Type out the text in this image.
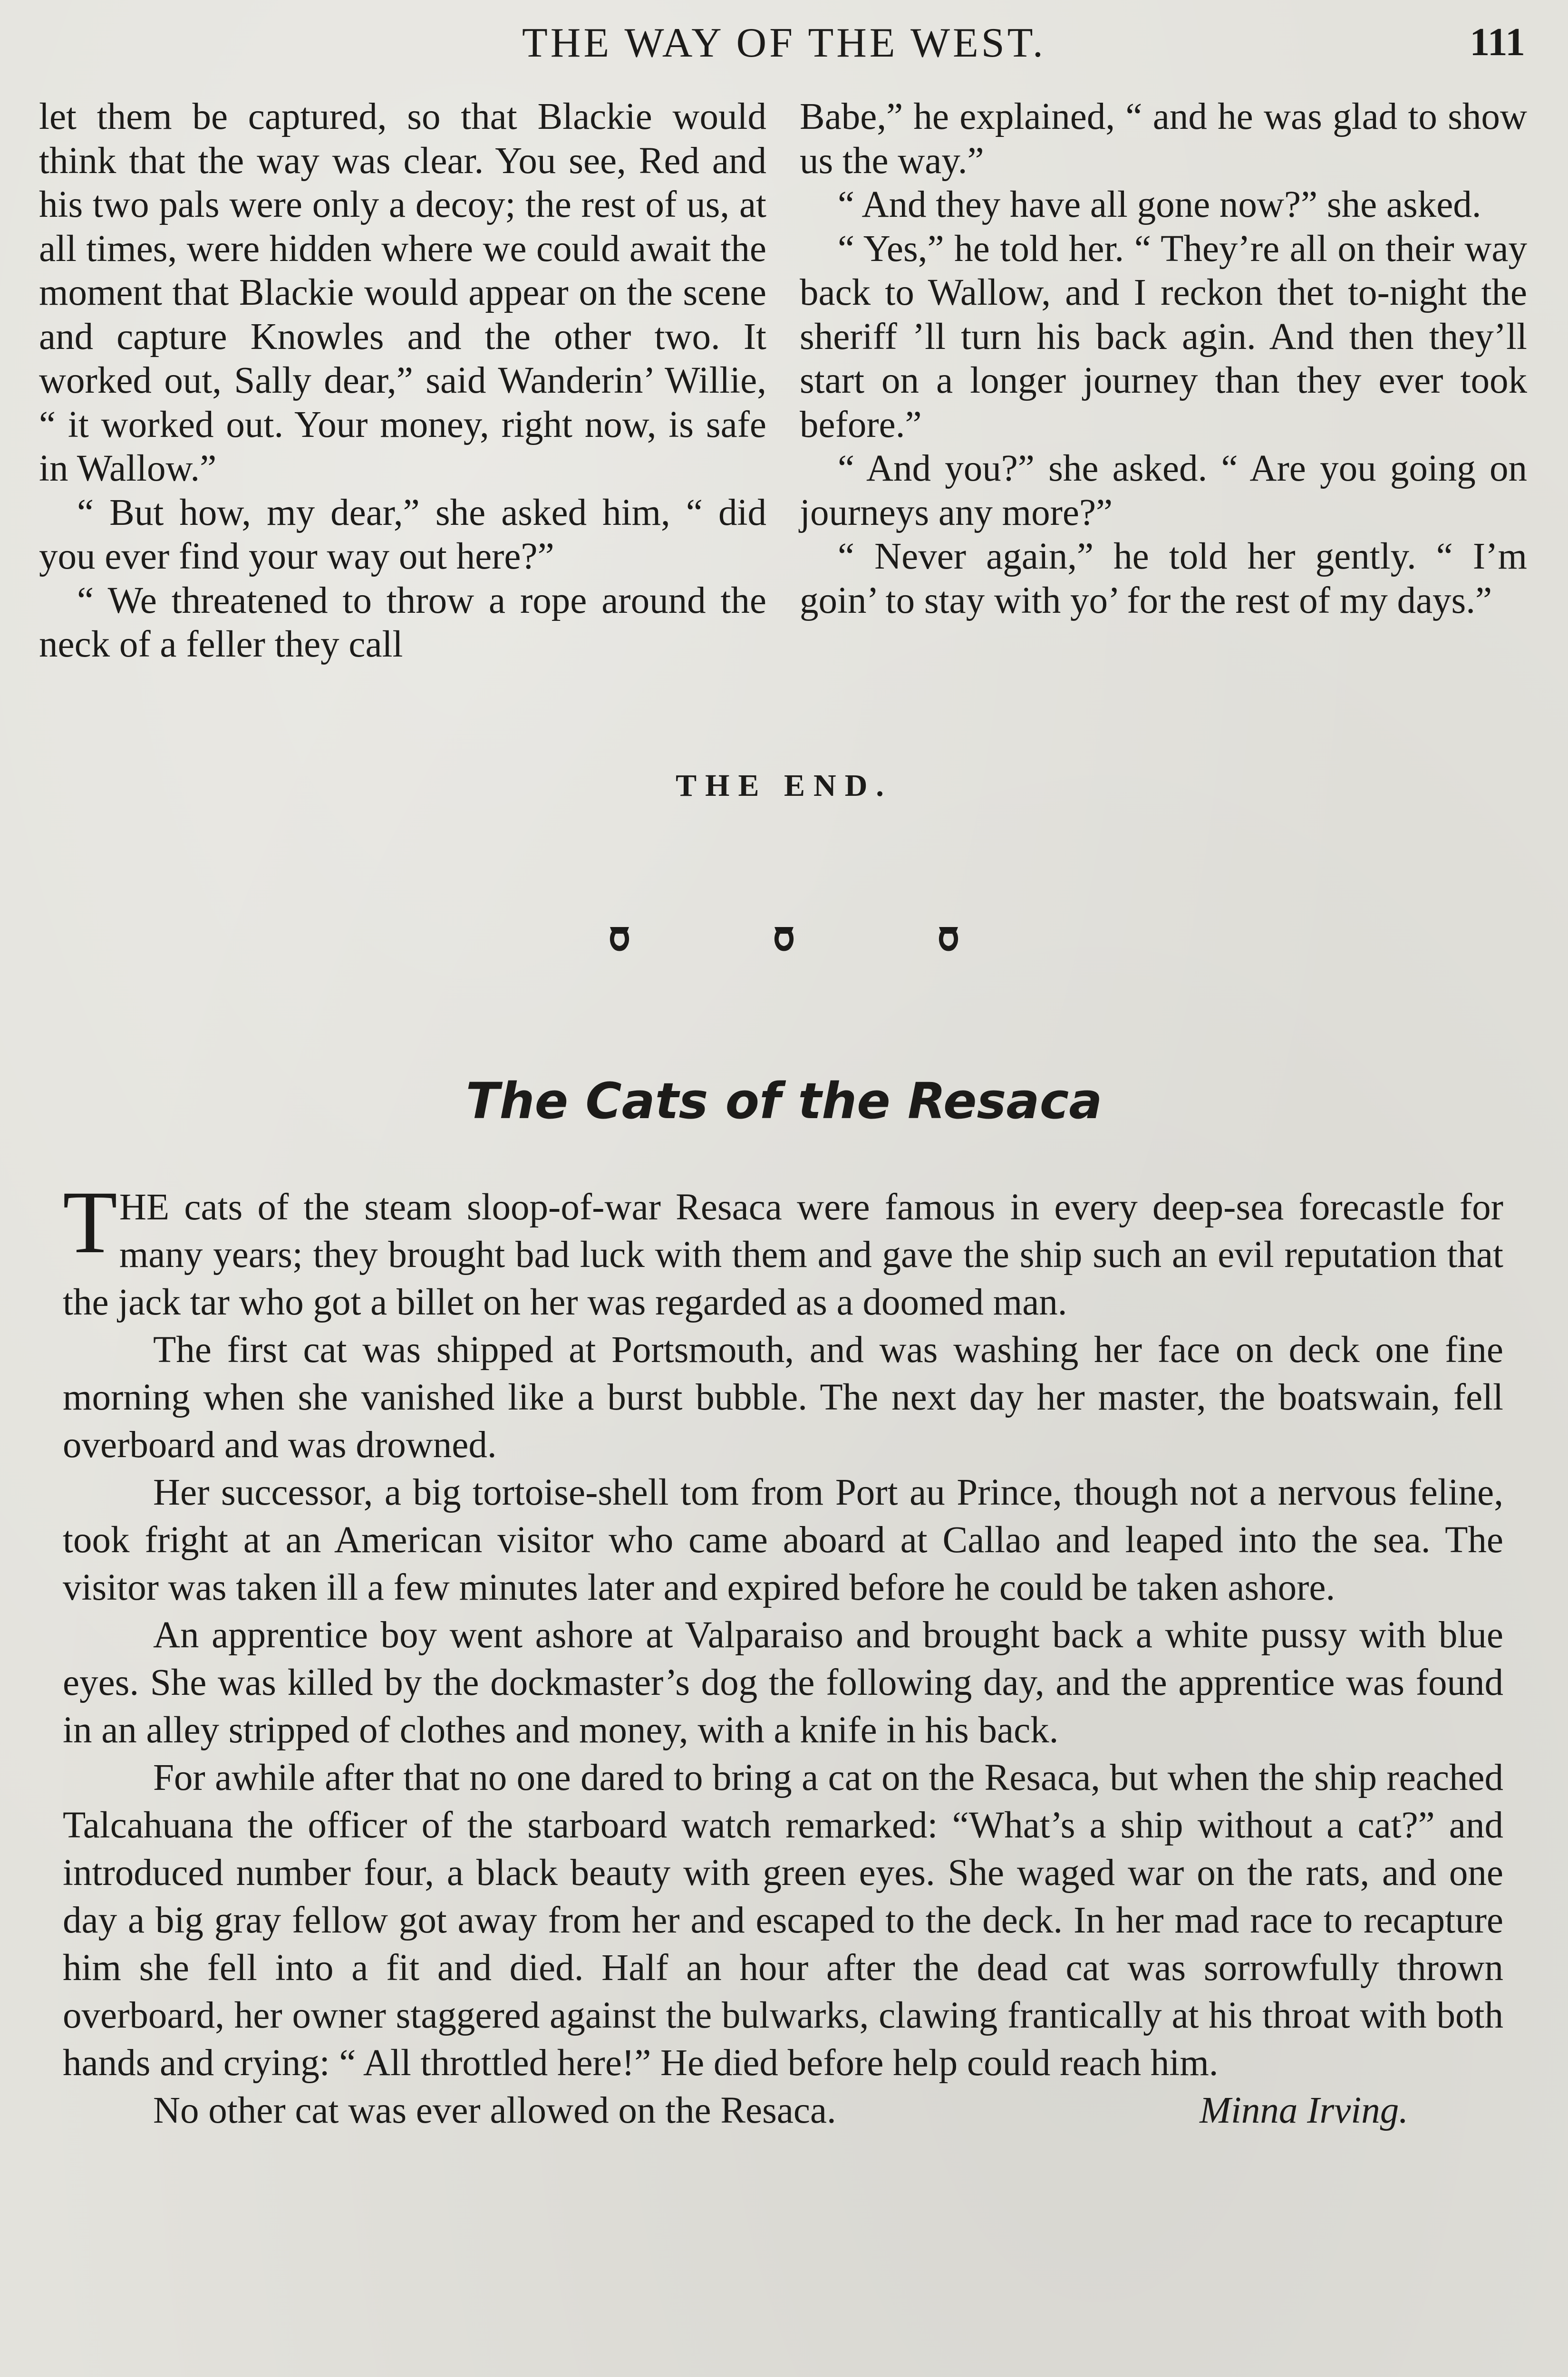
THE WAY OF THE WEST.	111

let them be captured, so that Blackie would think that the way was clear. You see, Red and his two pals were only a decoy; the rest of us, at all times, were hidden where we could await the moment that Blackie would appear on the scene and capture Knowles and the other two. It worked out, Sally dear,” said Wanderin’ Willie, “ it worked out. Your money, right now, is safe in Wallow.”

“ But how, my dear,” she asked him, “ did you ever find your way out here?”

“ We threatened to throw a rope around the neck of a feller they call

Babe,” he explained, “ and he was glad to show us the way.”

“ And they have all gone now?” she asked.

“ Yes,” he told her. “ They’re all on their way back to Wallow, and I reckon thet to-night the sheriff ’ll turn his back agin. And then they’ll start on a longer journey than they ever took before.”

“ And you?” she asked. “ Are you going on journeys any more?”

“ Never again,” he told her gently. “ I’m goin’ to stay with yo’ for the rest of my days.”

THE END.
The Cats of the Resaca

THE cats of the steam sloop-of-war Resaca were famous in every deep-sea forecastle for many years; they brought bad luck with them and gave the ship such an evil reputation that the jack tar who got a billet on her was regarded as a doomed man.

The first cat was shipped at Portsmouth, and was washing her face on deck one fine morning when she vanished like a burst bubble. The next day her master, the boatswain, fell overboard and was drowned.

Her successor, a big tortoise-shell tom from Port au Prince, though not a nervous feline, took fright at an American visitor who came aboard at Callao and leaped into the sea. The visitor was taken ill a few minutes later and expired before he could be taken ashore.

An apprentice boy went ashore at Valparaiso and brought back a white pussy with blue eyes. She was killed by the dockmaster’s dog the following day, and the apprentice was found in an alley stripped of clothes and money, with a knife in his back.

For awhile after that no one dared to bring a cat on the Resaca, but when the ship reached Talcahuana the officer of the starboard watch remarked: “What’s a ship without a cat?” and introduced number four, a black beauty with green eyes. She waged war on the rats, and one day a big gray fellow got away from her and escaped to the deck. In her mad race to recapture him she fell into a fit and died. Half an hour after the dead cat was sorrowfully thrown overboard, her owner staggered against the bulwarks, clawing frantically at his throat with both hands and crying: “ All throttled here!” He died before help could reach him.

No other cat was ever allowed on the Resaca.	Minna Irving.
